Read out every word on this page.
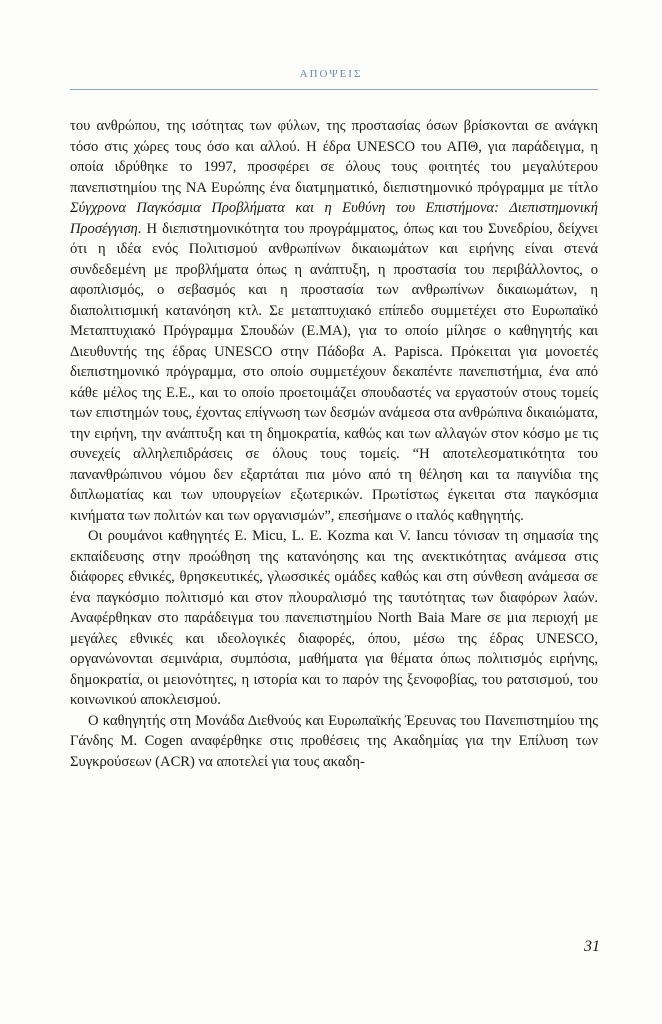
ΑΠΟΨΕΙΣ

του ανθρώπου, της ισότητας των φύλων, της προστασίας όσων βρίσκονται σε ανάγκη τόσο στις χώρες τους όσο και αλλού. Η έδρα UNESCO του ΑΠΘ, για παράδειγμα, η οποία ιδρύθηκε το 1997, προσφέρει σε όλους τους φοιτητές του μεγαλύτερου πανεπιστημίου της ΝΑ Ευρώπης ένα διατμηματικό, διεπιστημονικό πρόγραμμα με τίτλο Σύγχρονα Παγκόσμια Προβλήματα και η Ευθύνη του Επιστήμονα: Διεπιστημονική Προσέγγιση. Η διεπιστημονικότητα του προγράμματος, όπως και του Συνεδρίου, δείχνει ότι η ιδέα ενός Πολιτισμού ανθρωπίνων δικαιωμάτων και ειρήνης είναι στενά συνδεδεμένη με προβλήματα όπως η ανάπτυξη, η προστασία του περιβάλλοντος, ο αφοπλισμός, ο σεβασμός και η προστασία των ανθρωπίνων δικαιωμάτων, η διαπολιτισμική κατανόηση κτλ. Σε μεταπτυχιακό επίπεδο συμμετέχει στο Ευρωπαϊκό Μεταπτυχιακό Πρόγραμμα Σπουδών (Ε.ΜΑ), για το οποίο μίλησε ο καθηγητής και Διευθυντής της έδρας UNESCO στην Πάδοβα A. Papisca. Πρόκειται για μονοετές διεπιστημονικό πρόγραμμα, στο οποίο συμμετέχουν δεκαπέντε πανεπιστήμια, ένα από κάθε μέλος της Ε.Ε., και το οποίο προετοιμάζει σπουδαστές να εργαστούν στους τομείς των επιστημών τους, έχοντας επίγνωση των δεσμών ανάμεσα στα ανθρώπινα δικαιώματα, την ειρήνη, την ανάπτυξη και τη δημοκρατία, καθώς και των αλλαγών στον κόσμο με τις συνεχείς αλληλεπιδράσεις σε όλους τους τομείς. “Η αποτελεσματικότητα του πανανθρώπινου νόμου δεν εξαρτάται πια μόνο από τη θέληση και τα παιγνίδια της διπλωματίας και των υπουργείων εξωτερικών. Πρωτίστως έγκειται στα παγκόσμια κινήματα των πολιτών και των οργανισμών”, επεσήμανε ο ιταλός καθηγητής.

Οι ρουμάνοι καθηγητές E. Micu, L. E. Kozma και V. Iancu τόνισαν τη σημασία της εκπαίδευσης στην προώθηση της κατανόησης και της ανεκτικότητας ανάμεσα στις διάφορες εθνικές, θρησκευτικές, γλωσσικές ομάδες καθώς και στη σύνθεση ανάμεσα σε ένα παγκόσμιο πολιτισμό και στον πλουραλισμό της ταυτότητας των διαφόρων λαών. Αναφέρθηκαν στο παράδειγμα του πανεπιστημίου North Baia Mare σε μια περιοχή με μεγάλες εθνικές και ιδεολογικές διαφορές, όπου, μέσω της έδρας UNESCO, οργανώνονται σεμινάρια, συμπόσια, μαθήματα για θέματα όπως πολιτισμός ειρήνης, δημοκρατία, οι μειονότητες, η ιστορία και το παρόν της ξενοφοβίας, του ρατσισμού, του κοινωνικού αποκλεισμού.

Ο καθηγητής στη Μονάδα Διεθνούς και Ευρωπαϊκής Έρευνας του Πανεπιστημίου της Γάνδης M. Cogen αναφέρθηκε στις προθέσεις της Ακαδημίας για την Επίλυση των Συγκρούσεων (ACR) να αποτελεί για τους ακαδη-

31
